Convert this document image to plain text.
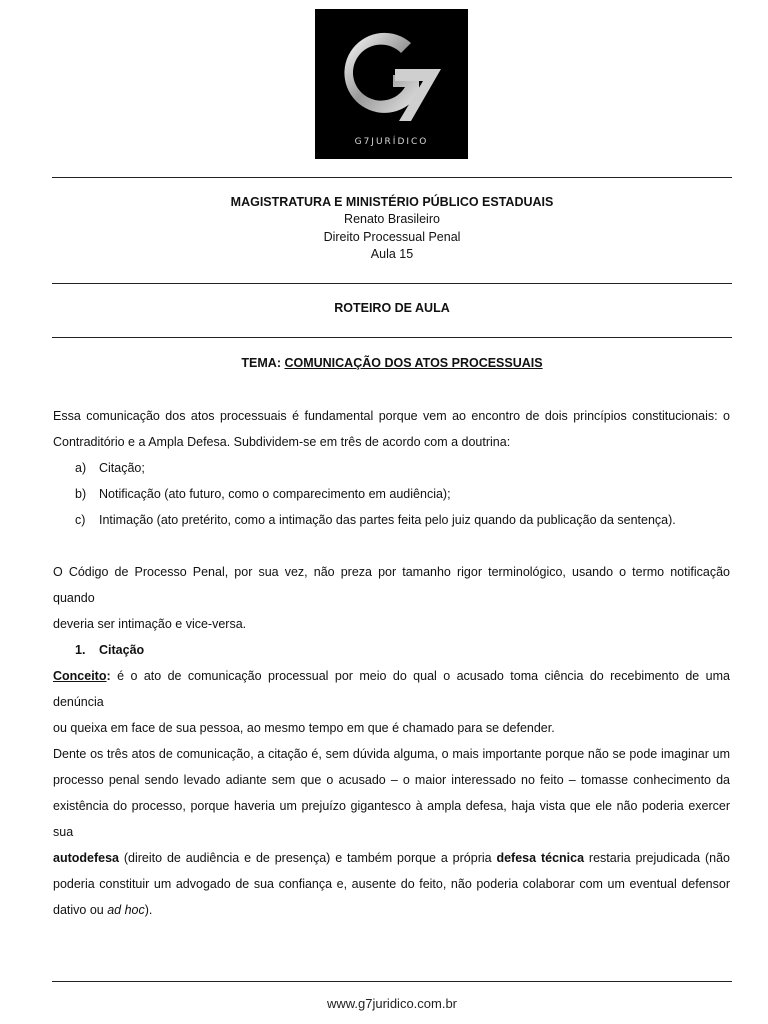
G7JURÍDICO
MAGISTRATURA E MINISTÉRIO PÚBLICO ESTADUAIS
Renato Brasileiro
Direito Processual Penal
Aula 15
ROTEIRO DE AULA
TEMA: COMUNICAÇÃO DOS ATOS PROCESSUAIS
Essa comunicação dos atos processuais é fundamental porque vem ao encontro de dois princípios constitucionais: o
Contraditório e a Ampla Defesa. Subdividem-se em três de acordo com a doutrina:
a) Citação;
b) Notificação (ato futuro, como o comparecimento em audiência);
c) Intimação (ato pretérito, como a intimação das partes feita pelo juiz quando da publicação da sentença).
O Código de Processo Penal, por sua vez, não preza por tamanho rigor terminológico, usando o termo notificação quando
deveria ser intimação e vice-versa.
1. Citação
Conceito: é o ato de comunicação processual por meio do qual o acusado toma ciência do recebimento de uma denúncia
ou queixa em face de sua pessoa, ao mesmo tempo em que é chamado para se defender.
Dente os três atos de comunicação, a citação é, sem dúvida alguma, o mais importante porque não se pode imaginar um
processo penal sendo levado adiante sem que o acusado – o maior interessado no feito – tomasse conhecimento da
existência do processo, porque haveria um prejuízo gigantesco à ampla defesa, haja vista que ele não poderia exercer sua
autodefesa (direito de audiência e de presença) e também porque a própria defesa técnica restaria prejudicada (não
poderia constituir um advogado de sua confiança e, ausente do feito, não poderia colaborar com um eventual defensor
dativo ou ad hoc).
www.g7juridico.com.br
